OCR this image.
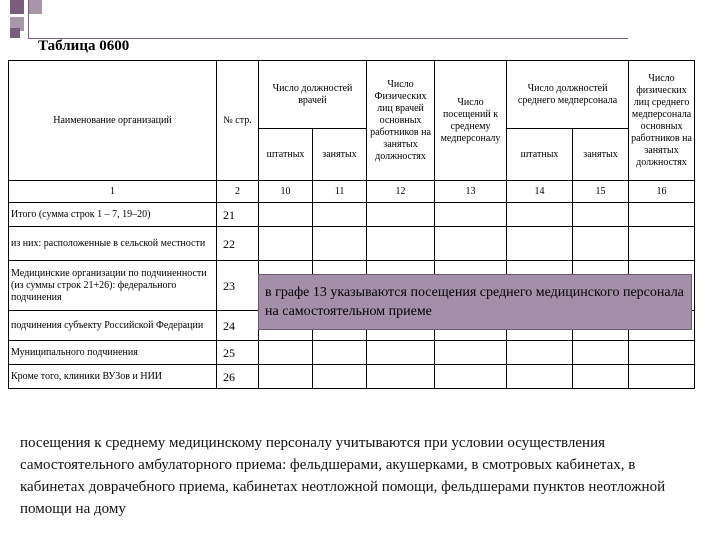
Таблица 0600
Наименование организаций	№ стр.	Число должностей врачей		Число Физических лиц врачей основных работников на занятых должностях	Число посещений к среднему медперсоналу	Число должностей среднего медперсонала		Число физических лиц среднего медперсонала основных работников на занятых должностях
		штатных	занятых			штатных	занятых	
1	2	10	11	12	13	14	15	16
Итого (сумма строк 1 – 7, 19–20)	21							
из них: расположенные в сельской местности	22							
Медицинские организации по подчиненности (из суммы строк 21+26): федерального подчинения	23							
подчинения субъекту Российской Федерации	24							
Муниципального подчинения	25							
Кроме того, клиники ВУЗов и НИИ	26							
в графе 13 указываются посещения среднего медицинского персонала на самостоятельном приеме
посещения к среднему медицинскому персоналу учитываются при условии осуществления самостоятельного амбулаторного приема: фельдшерами, акушерками, в смотровых кабинетах, в кабинетах доврачебного приема, кабинетах неотложной помощи, фельдшерами пунктов неотложной помощи на дому
